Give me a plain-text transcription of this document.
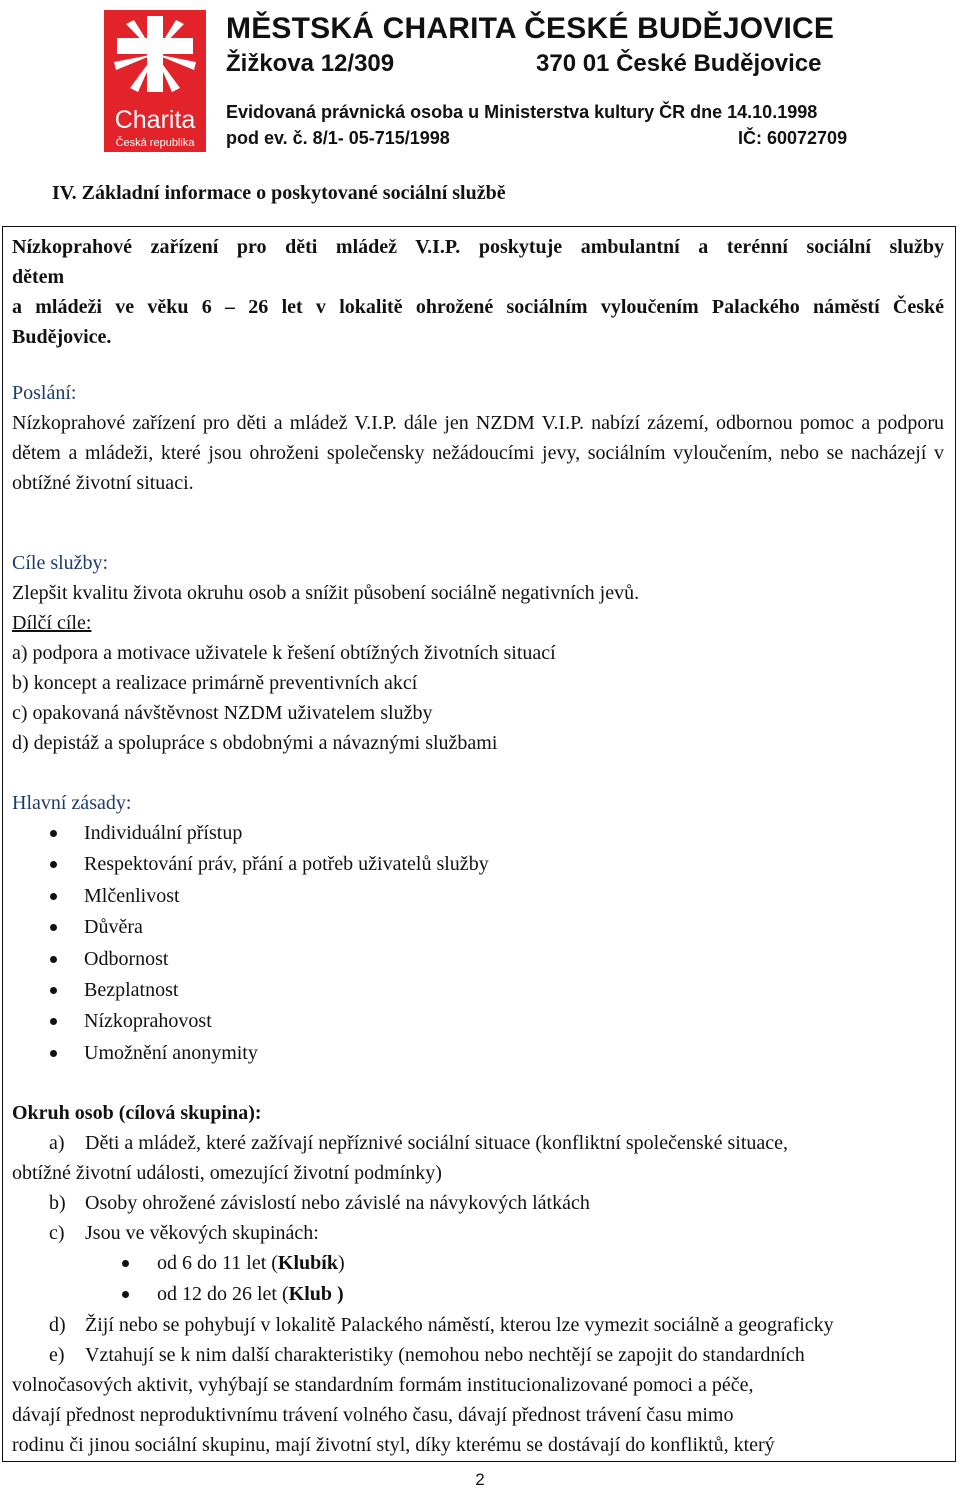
Charita
Česká republika
MĚSTSKÁ CHARITA ČESKÉ BUDĚJOVICE
Žižkova 12/309	370 01 České Budějovice
Evidovaná právnická osoba u Ministerstva kultury ČR dne 14.10.1998
pod ev. č. 8/1- 05-715/1998	IČ: 60072709
IV. Základní informace o poskytované sociální službě

Nízkoprahové zařízení pro děti mládež V.I.P. poskytuje ambulantní a terénní sociální služby

dětem

a mládeži ve věku 6 – 26 let v lokalitě ohrožené sociálním vyloučením Palackého náměstí České

Budějovice.

Poslání:

Nízkoprahové zařízení pro děti a mládež V.I.P. dále jen NZDM V.I.P. nabízí zázemí, odbornou pomoc a podporu dětem a mládeži, které jsou ohroženi společensky nežádoucími jevy, sociálním vyloučením, nebo se nacházejí v obtížné životní situaci.

Cíle služby:

Zlepšit kvalitu života okruhu osob a snížit působení sociálně negativních jevů.

Dílčí cíle:

a) podpora a motivace uživatele k řešení obtížných životních situací

b) koncept a realizace primárně preventivních akcí

c) opakovaná návštěvnost NZDM uživatelem služby

d) depistáž a spolupráce s obdobnými a návaznými službami

Hlavní zásady:

Individuální přístup
Respektování práv, přání a potřeb uživatelů služby
Mlčenlivost
Důvěra
Odbornost
Bezplatnost
Nízkoprahovost
Umožnění anonymity

Okruh osob (cílová skupina):

a) Děti a mládež, které zažívají nepříznivé sociální situace (konfliktní společenské situace,

obtížné životní události, omezující životní podmínky)

b) Osoby ohrožené závislostí nebo závislé na návykových látkách

c) Jsou ve věkových skupinách:

od 6 do 11 let (Klubík)
od 12 do 26 let (Klub )

d) Žijí nebo se pohybují v lokalitě Palackého náměstí, kterou lze vymezit sociálně a geograficky

e) Vztahují se k nim další charakteristiky (nemohou nebo nechtějí se zapojit do standardních

volnočasových aktivit, vyhýbají se standardním formám institucionalizované pomoci a péče,

dávají přednost neproduktivnímu trávení volného času, dávají přednost trávení času mimo

rodinu či jinou sociální skupinu, mají životní styl, díky kterému se dostávají do konfliktů, který

2
